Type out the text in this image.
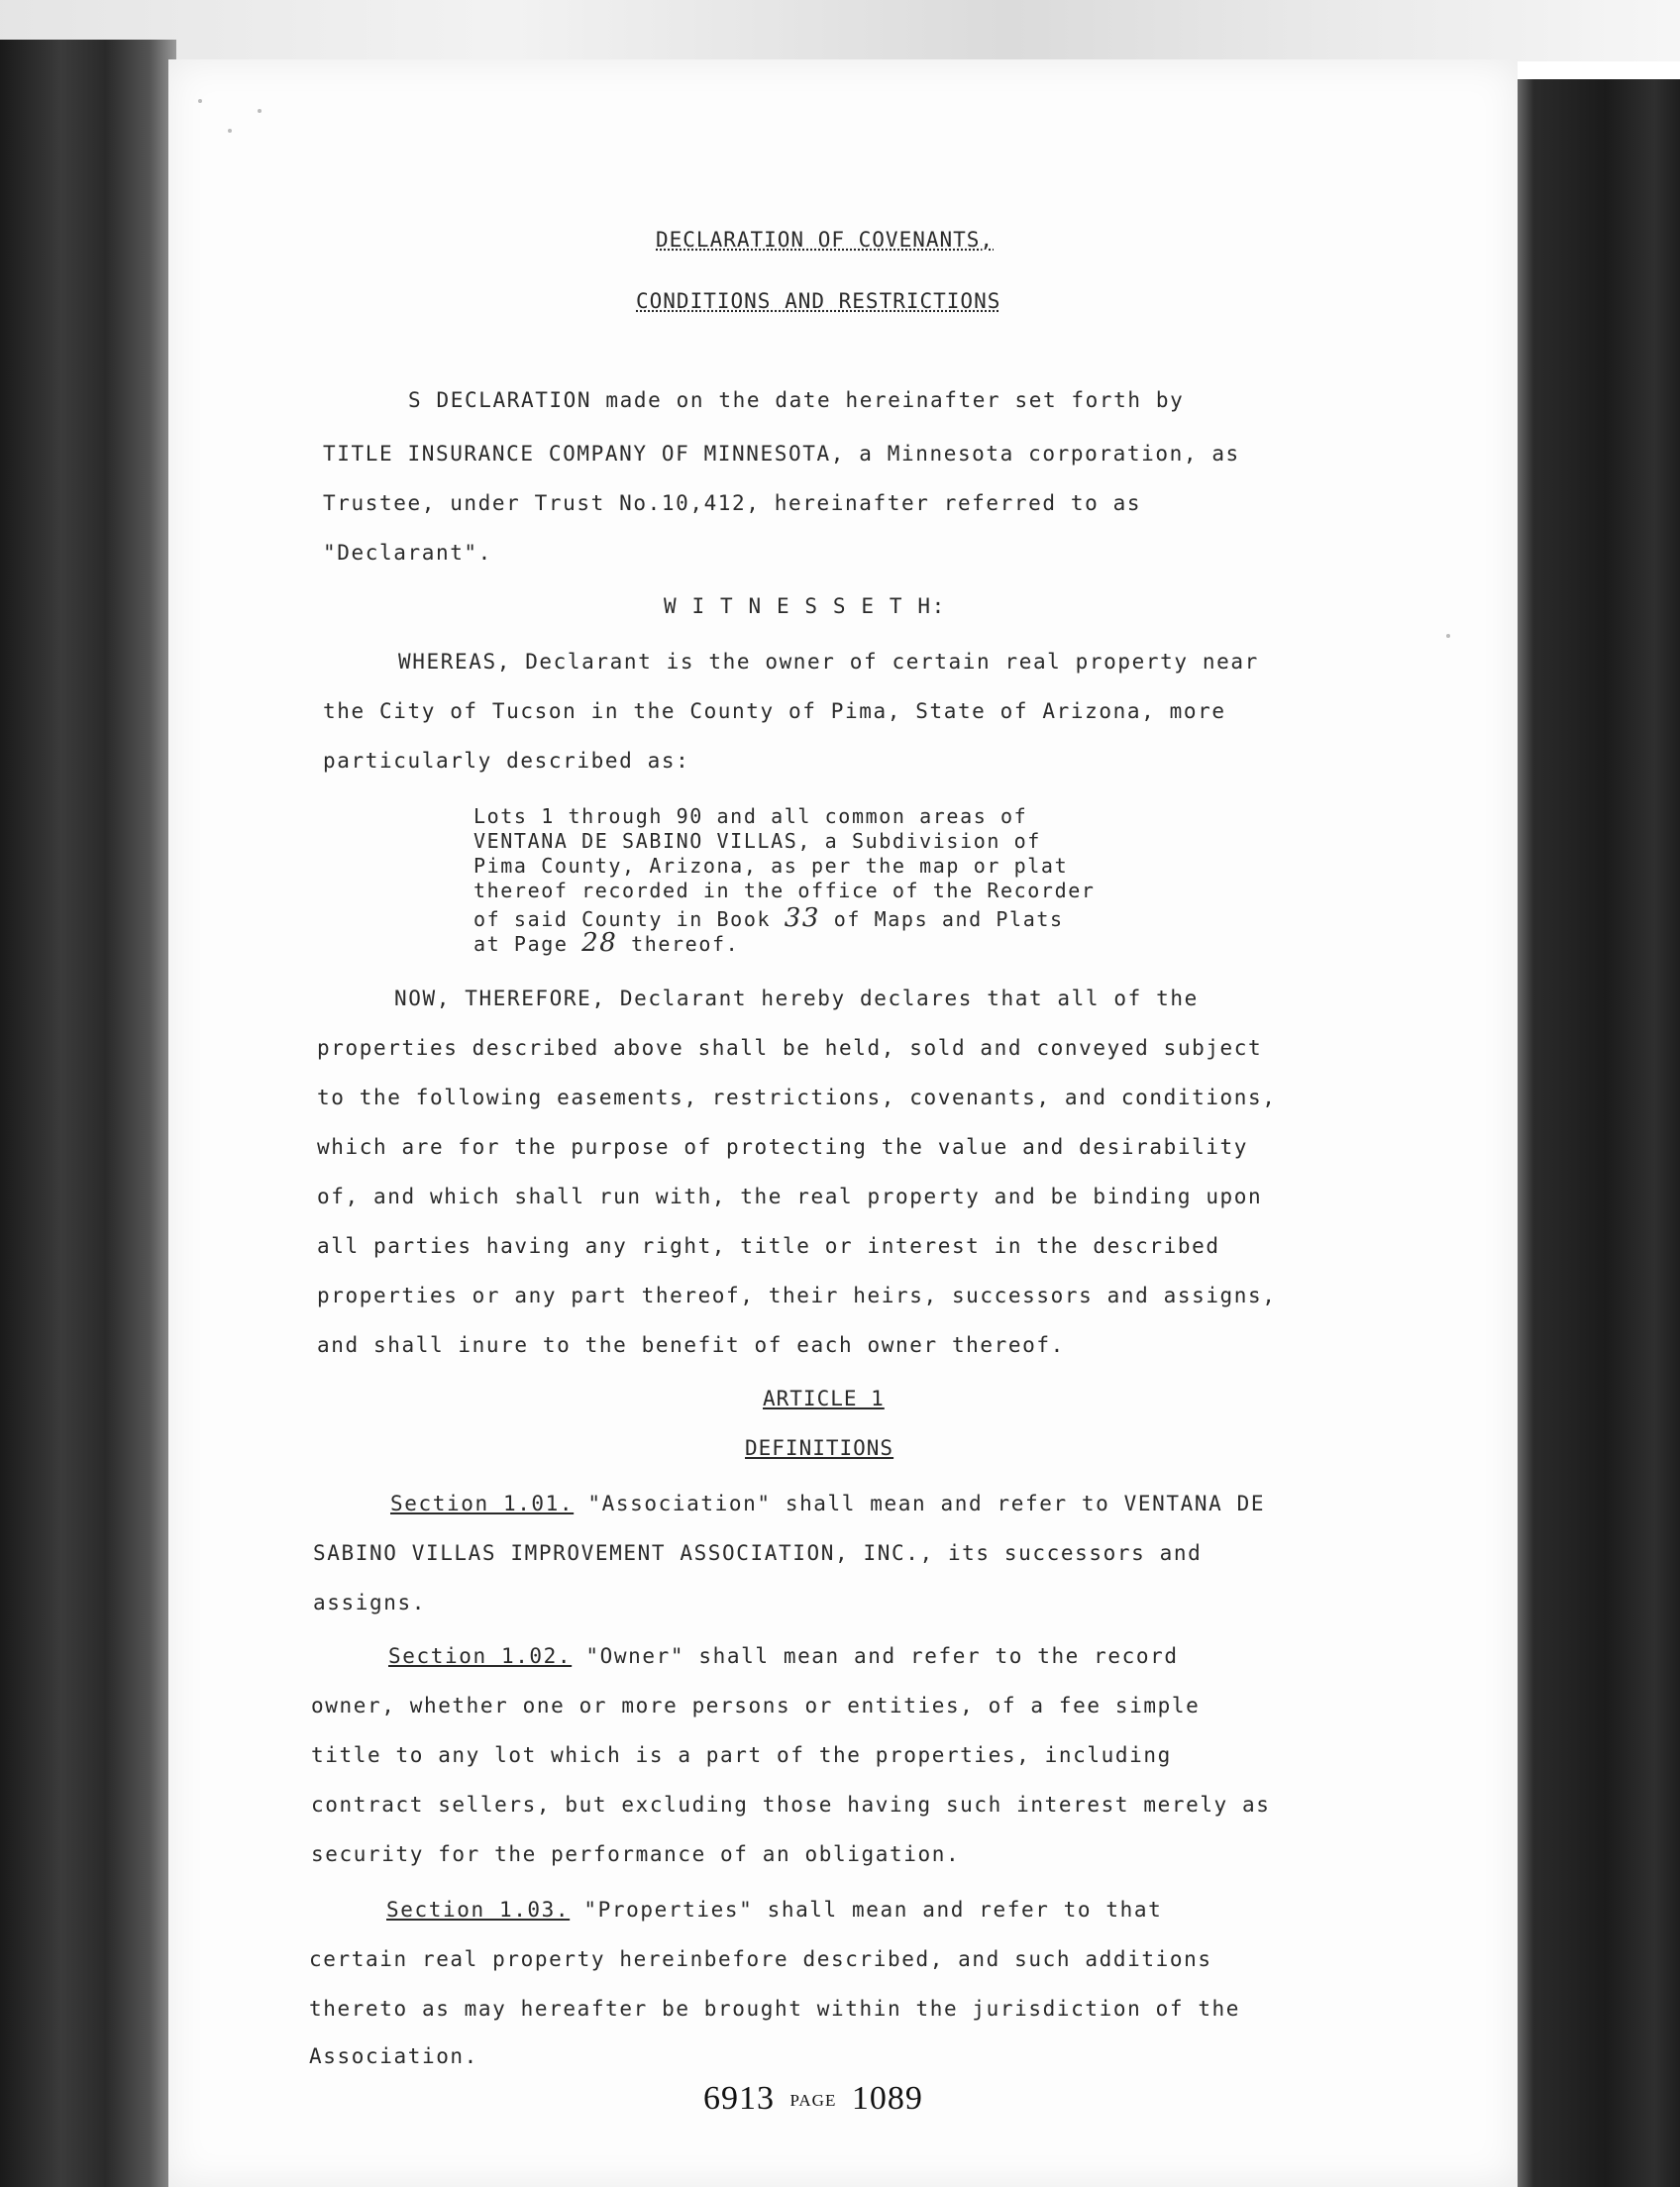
DECLARATION OF COVENANTS,
CONDITIONS AND RESTRICTIONS
S DECLARATION made on the date hereinafter set forth by
TITLE INSURANCE COMPANY OF MINNESOTA, a Minnesota corporation, as
Trustee, under Trust No.10,412, hereinafter referred to as
"Declarant".
W I T N E S S E T H:
WHEREAS, Declarant is the owner of certain real property near
the City of Tucson in the County of Pima, State of Arizona, more
particularly described as:
Lots 1 through 90 and all common areas of
VENTANA DE SABINO VILLAS, a Subdivision of
Pima County, Arizona, as per the map or plat
thereof recorded in the office of the Recorder
of said County in Book 33 of Maps and Plats
at Page 28 thereof.
NOW, THEREFORE, Declarant hereby declares that all of the
properties described above shall be held, sold and conveyed subject
to the following easements, restrictions, covenants, and conditions,
which are for the purpose of protecting the value and desirability
of, and which shall run with, the real property and be binding upon
all parties having any right, title or interest in the described
properties or any part thereof, their heirs, successors and assigns,
and shall inure to the benefit of each owner thereof.
ARTICLE 1
DEFINITIONS
Section 1.01. "Association" shall mean and refer to VENTANA DE
SABINO VILLAS IMPROVEMENT ASSOCIATION, INC., its successors and
assigns.
Section 1.02. "Owner" shall mean and refer to the record
owner, whether one or more persons or entities, of a fee simple
title to any lot which is a part of the properties, including
contract sellers, but excluding those having such interest merely as
security for the performance of an obligation.
Section 1.03. "Properties" shall mean and refer to that
certain real property hereinbefore described, and such additions
thereto as may hereafter be brought within the jurisdiction of the
Association.
6913 PAGE 1089
